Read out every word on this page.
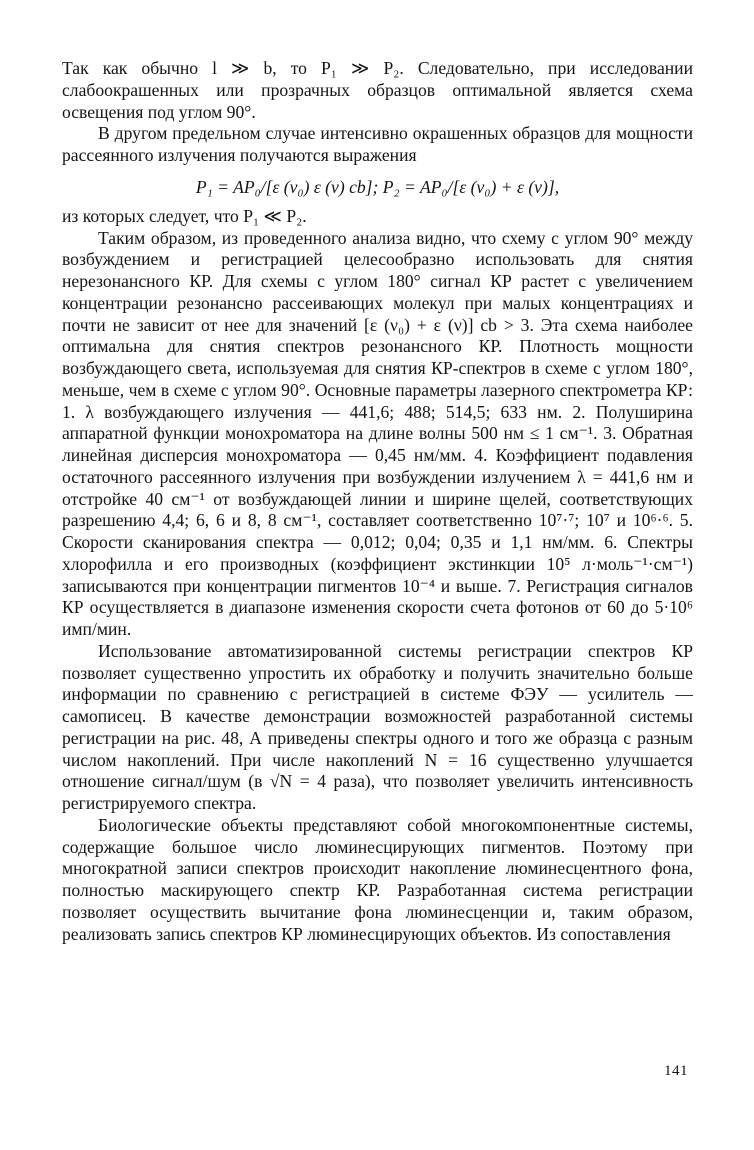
Так как обычно l ≫ b, то P₁ ≫ P₂. Следовательно, при исследовании слабоокрашенных или прозрачных образцов оптимальной является схема освещения под углом 90°.

В другом предельном случае интенсивно окрашенных образцов для мощности рассеянного излучения получаются выражения

P₁ = AP₀/[ε (ν₀) ε (ν) cb]; P₂ = AP₀/[ε (ν₀) + ε (ν)],

из которых следует, что P₁ ≪ P₂.

Таким образом, из проведенного анализа видно, что схему с углом 90° между возбуждением и регистрацией целесообразно использовать для снятия нерезонансного КР. Для схемы с углом 180° сигнал КР растет с увеличением концентрации резонансно рассеивающих молекул при малых концентрациях и почти не зависит от нее для значений [ε (ν₀) + ε (ν)] cb > 3. Эта схема наиболее оптимальна для снятия спектров резонансного КР. Плотность мощности возбуждающего света, используемая для снятия КР-спектров в схеме с углом 180°, меньше, чем в схеме с углом 90°. Основные параметры лазерного спектрометра КР: 1. λ возбуждающего излучения — 441,6; 488; 514,5; 633 нм. 2. Полуширина аппаратной функции монохроматора на длине волны 500 нм ≤ 1 см⁻¹. 3. Обратная линейная дисперсия монохроматора — 0,45 нм/мм. 4. Коэффициент подавления остаточного рассеянного излучения при возбуждении излучением λ = 441,6 нм и отстройке 40 см⁻¹ от возбуждающей линии и ширине щелей, соответствующих разрешению 4,4; 6, 6 и 8, 8 см⁻¹, составляет соответственно 10⁷·⁷; 10⁷ и 10⁶·⁶. 5. Скорости сканирования спектра — 0,012; 0,04; 0,35 и 1,1 нм/мм. 6. Спектры хлорофилла и его производных (коэффициент экстинкции 10⁵ л·моль⁻¹·см⁻¹) записываются при концентрации пигментов 10⁻⁴ и выше. 7. Регистрация сигналов КР осуществляется в диапазоне изменения скорости счета фотонов от 60 до 5·10⁶ имп/мин.

Использование автоматизированной системы регистрации спектров КР позволяет существенно упростить их обработку и получить значительно больше информации по сравнению с регистрацией в системе ФЭУ — усилитель — самописец. В качестве демонстрации возможностей разработанной системы регистрации на рис. 48, А приведены спектры одного и того же образца с разным числом накоплений. При числе накоплений N = 16 существенно улучшается отношение сигнал/шум (в √N = 4 раза), что позволяет увеличить интенсивность регистрируемого спектра.

Биологические объекты представляют собой многокомпонентные системы, содержащие большое число люминесцирующих пигментов. Поэтому при многократной записи спектров происходит накопление люминесцентного фона, полностью маскирующего спектр КР. Разработанная система регистрации позволяет осуществить вычитание фона люминесценции и, таким образом, реализовать запись спектров КР люминесцирующих объектов. Из сопоставления

141
